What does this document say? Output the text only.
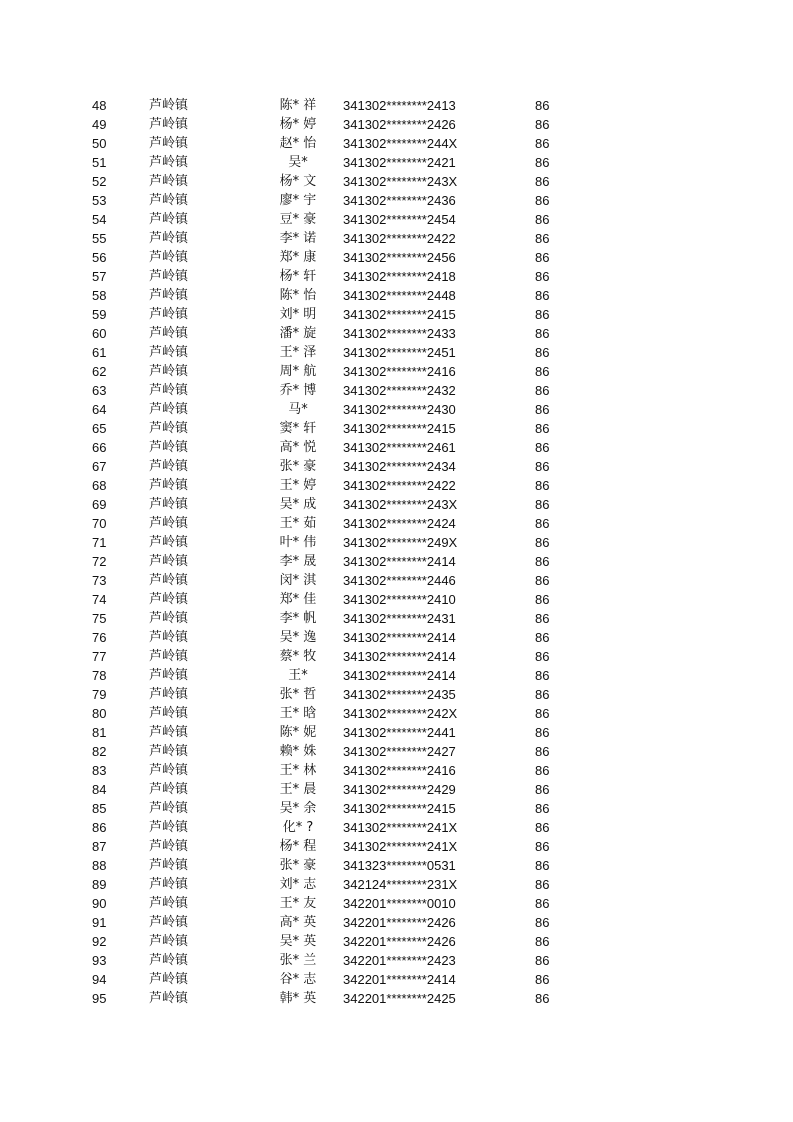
48	芦岭镇	陈* 祥	341302********2413	86
49	芦岭镇	杨* 婷	341302********2426	86
50	芦岭镇	赵* 怡	341302********244X	86
51	芦岭镇	吴*	341302********2421	86
52	芦岭镇	杨* 文	341302********243X	86
53	芦岭镇	廖* 宇	341302********2436	86
54	芦岭镇	豆* 豪	341302********2454	86
55	芦岭镇	李* 诺	341302********2422	86
56	芦岭镇	郑* 康	341302********2456	86
57	芦岭镇	杨* 轩	341302********2418	86
58	芦岭镇	陈* 怡	341302********2448	86
59	芦岭镇	刘* 明	341302********2415	86
60	芦岭镇	潘* 旋	341302********2433	86
61	芦岭镇	王* 泽	341302********2451	86
62	芦岭镇	周* 航	341302********2416	86
63	芦岭镇	乔* 博	341302********2432	86
64	芦岭镇	马*	341302********2430	86
65	芦岭镇	窦* 轩	341302********2415	86
66	芦岭镇	高* 悦	341302********2461	86
67	芦岭镇	张* 豪	341302********2434	86
68	芦岭镇	王* 婷	341302********2422	86
69	芦岭镇	吴* 成	341302********243X	86
70	芦岭镇	王* 茹	341302********2424	86
71	芦岭镇	叶* 伟	341302********249X	86
72	芦岭镇	李* 晟	341302********2414	86
73	芦岭镇	闵* 淇	341302********2446	86
74	芦岭镇	郑* 佳	341302********2410	86
75	芦岭镇	李* 帆	341302********2431	86
76	芦岭镇	吴* 逸	341302********2414	86
77	芦岭镇	蔡* 牧	341302********2414	86
78	芦岭镇	王*	341302********2414	86
79	芦岭镇	张* 哲	341302********2435	86
80	芦岭镇	王* 晗	341302********242X	86
81	芦岭镇	陈* 妮	341302********2441	86
82	芦岭镇	赖* 姝	341302********2427	86
83	芦岭镇	王* 林	341302********2416	86
84	芦岭镇	王* 晨	341302********2429	86
85	芦岭镇	吴* 余	341302********2415	86
86	芦岭镇	化* ?	341302********241X	86
87	芦岭镇	杨* 程	341302********241X	86
88	芦岭镇	张* 豪	341323********0531	86
89	芦岭镇	刘* 志	342124********231X	86
90	芦岭镇	王* 友	342201********0010	86
91	芦岭镇	高* 英	342201********2426	86
92	芦岭镇	吴* 英	342201********2426	86
93	芦岭镇	张* 兰	342201********2423	86
94	芦岭镇	谷* 志	342201********2414	86
95	芦岭镇	韩* 英	342201********2425	86
